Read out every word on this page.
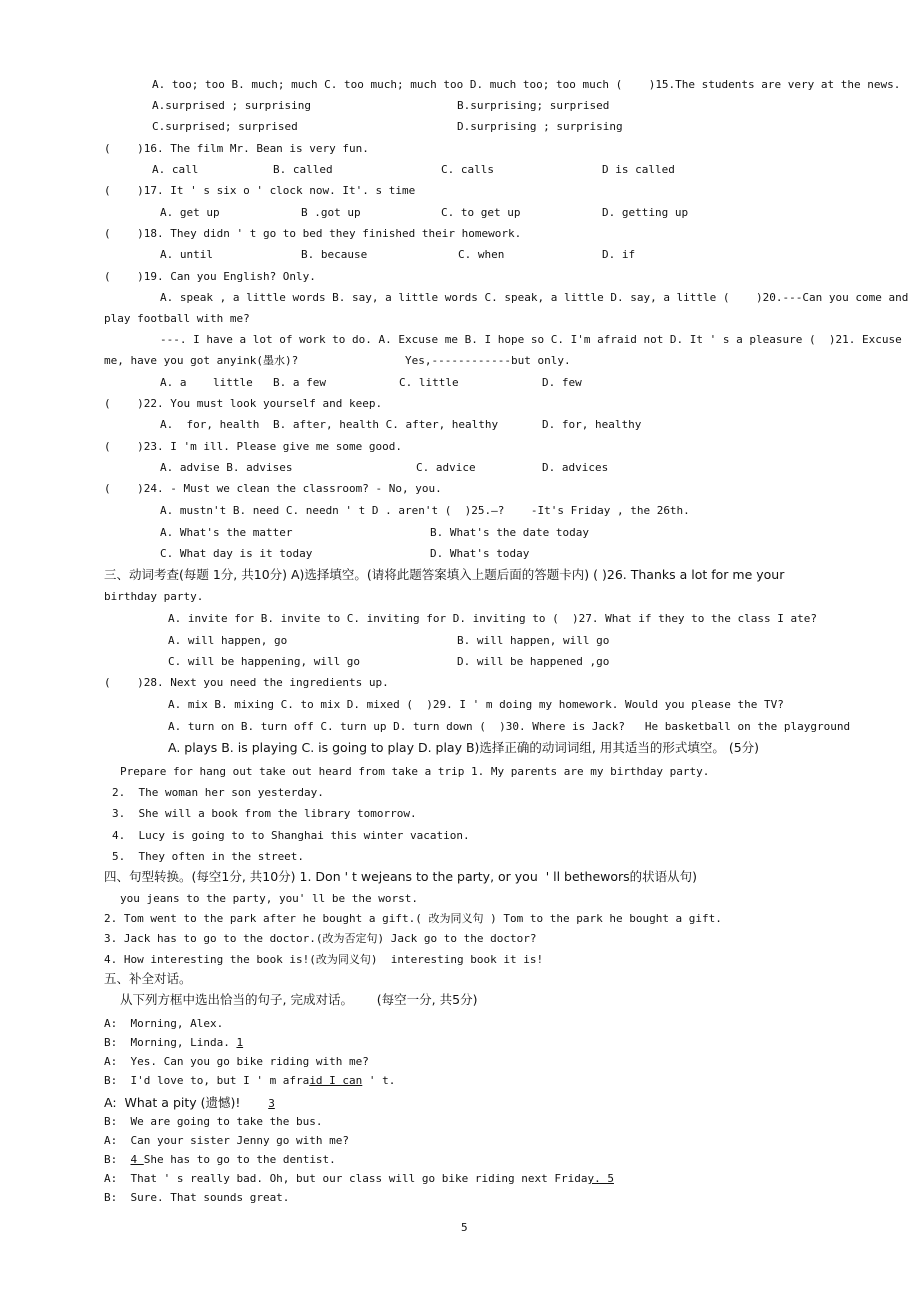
A. too; too B. much; much C. too much; much too D. much too; too much (    )15.The students are very at the news.
A.surprised ; surprising	B.surprising; surprised
C.surprised; surprised	D.surprising ; surprising
(    )16. The film Mr. Bean is very fun.
A. call	B. called	C. calls	D is called
(    )17. It ' s six o ' clock now. It'. s time
A. get up	B .got up	C. to get up	D. getting up
(    )18. They didn ' t go to bed they finished their homework.
A. until	B. because	C. when	D. if
(    )19. Can you English? Only.
A. speak , a little words B. say, a little words C. speak, a little D. say, a little (    )20.---Can you come and
play football with me?
---. I have a lot of work to do. A. Excuse me B. I hope so C. I'm afraid not D. It ' s a pleasure (  )21. Excuse
me, have you got anyink(墨水)?	Yes,------------but only.
A. a    little B. a few	C. little	D. few
(    )22. You must look yourself and keep.
A.  for, health B. after, health C. after, healthy	D. for, healthy
(    )23. I 'm ill. Please give me some good.
A. advise B. advises	C. advice	D. advices
(    )24. - Must we clean the classroom? - No, you.
A. mustn't B. need C. needn ' t D . aren't (  )25.—?    -It's Friday , the 26th.
A. What's the matter	B. What's the date today
C. What day is it today	D. What's today
三、动词考查(每题 1分, 共10分) A)选择填空。(请将此题答案填入上题后面的答题卡内) ( )26. Thanks a lot for me your
birthday party.
A. invite for B. invite to C. inviting for D. inviting to (  )27. What if they to the class I ate?
A. will happen, go	B. will happen, will go
C. will be happening, will go	D. will be happened ,go
(    )28. Next you need the ingredients up.
A. mix B. mixing C. to mix D. mixed (  )29. I ' m doing my homework. Would you please the TV?
A. turn on B. turn off C. turn up D. turn down (  )30. Where is Jack?   He basketball on the playground
A. plays B. is playing C. is going to play D. play B)选择正确的动词词组, 用其适当的形式填空。 (5分)
Prepare for hang out take out heard from take a trip 1. My parents are my birthday party.
2.  The woman her son yesterday.
3.  She will a book from the library tomorrow.
4.  Lucy is going to to Shanghai this winter vacation.
5.  They often in the street.
四、句型转换。(每空1分, 共10分) 1. Don ' t wejeans to the party, or you  ' ll bethewors的状语从句)
you jeans to the party, you' ll be the worst.
2. Tom went to the park after he bought a gift.( 改为同义句 ) Tom to the park he bought a gift.
3. Jack has to go to the doctor.(改为否定句) Jack go to the doctor?
4. How interesting the book is!(改为同义句)  interesting book it is!
五、补全对话。
从下列方框中选出恰当的句子, 完成对话。      (每空一分, 共5分)
A:  Morning, Alex.
B:  Morning, Linda. 1
A:  Yes. Can you go bike riding with me?
B:  I'd love to, but I ' m afraid I can ' t.
A:  What a pity (遗憾)!       3
B:  We are going to take the bus.
A:  Can your sister Jenny go with me?
B:  4 She has to go to the dentist.
A:  That ' s really bad. Oh, but our class will go bike riding next Friday. 5
B:  Sure. That sounds great.
5
